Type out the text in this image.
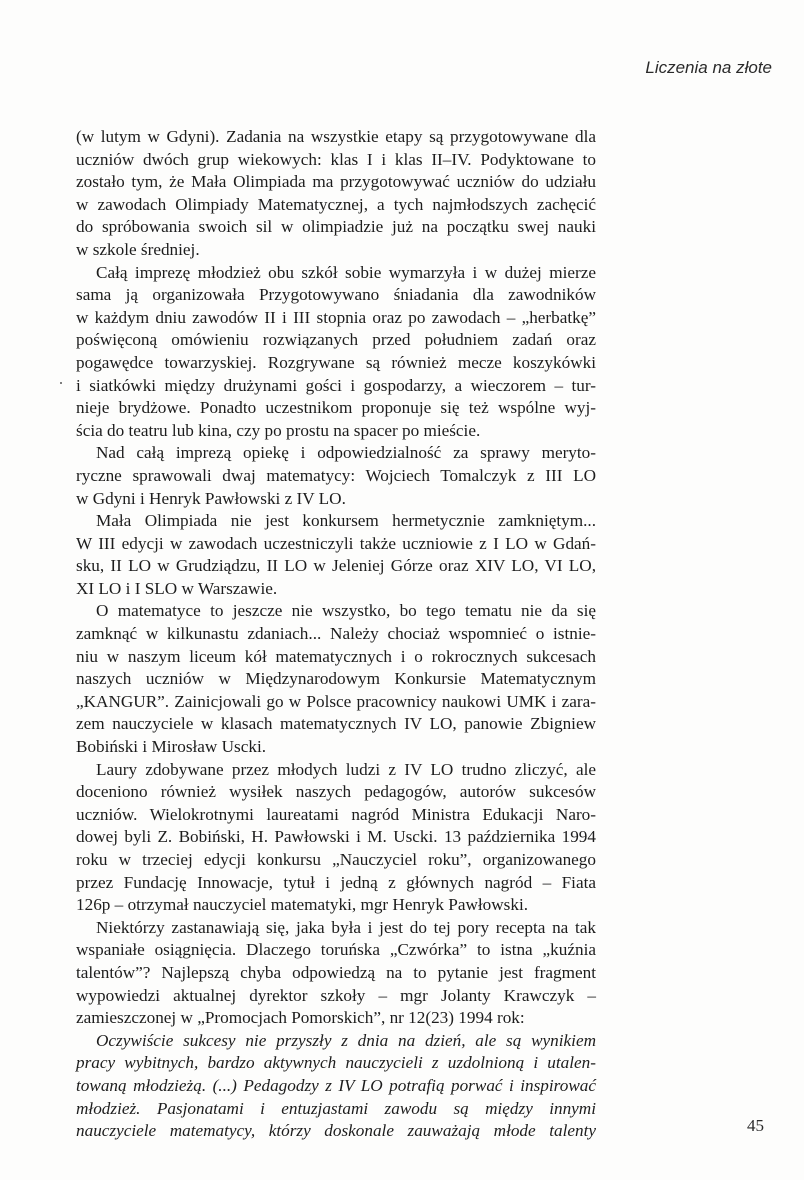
Liczenia na złote
(w lutym w Gdyni). Zadania na wszystkie etapy są przygotowywane dla
uczniów dwóch grup wiekowych: klas I i klas II–IV. Podyktowane to
zostało tym, że Mała Olimpiada ma przygotowywać uczniów do udziału
w zawodach Olimpiady Matematycznej, a tych najmłodszych zachęcić
do spróbowania swoich sil w olimpiadzie już na początku swej nauki
w szkole średniej.
Całą imprezę młodzież obu szkół sobie wymarzyła i w dużej mierze
sama ją organizowała Przygotowywano śniadania dla zawodników
w każdym dniu zawodów II i III stopnia oraz po zawodach – „herbatkę”
poświęconą omówieniu rozwiązanych przed południem zadań oraz
pogawędce towarzyskiej. Rozgrywane są również mecze koszykówki
i siatkówki między drużynami gości i gospodarzy, a wieczorem – tur-
nieje brydżowe. Ponadto uczestnikom proponuje się też wspólne wyj-
ścia do teatru lub kina, czy po prostu na spacer po mieście.
Nad całą imprezą opiekę i odpowiedzialność za sprawy meryto-
ryczne sprawowali dwaj matematycy: Wojciech Tomalczyk z III LO
w Gdyni i Henryk Pawłowski z IV LO.
Mała Olimpiada nie jest konkursem hermetycznie zamkniętym...
W III edycji w zawodach uczestniczyli także uczniowie z I LO w Gdań-
sku, II LO w Grudziądzu, II LO w Jeleniej Górze oraz XIV LO, VI LO,
XI LO i I SLO w Warszawie.
O matematyce to jeszcze nie wszystko, bo tego tematu nie da się
zamknąć w kilkunastu zdaniach... Należy chociaż wspomnieć o istnie-
niu w naszym liceum kół matematycznych i o rokrocznych sukcesach
naszych uczniów w Międzynarodowym Konkursie Matematycznym
„KANGUR”. Zainicjowali go w Polsce pracownicy naukowi UMK i zara-
zem nauczyciele w klasach matematycznych IV LO, panowie Zbigniew
Bobiński i Mirosław Uscki.
Laury zdobywane przez młodych ludzi z IV LO trudno zliczyć, ale
doceniono również wysiłek naszych pedagogów, autorów sukcesów
uczniów. Wielokrotnymi laureatami nagród Ministra Edukacji Naro-
dowej byli Z. Bobiński, H. Pawłowski i M. Uscki. 13 października 1994
roku w trzeciej edycji konkursu „Nauczyciel roku”, organizowanego
przez Fundację Innowacje, tytuł i jedną z głównych nagród – Fiata
126p – otrzymał nauczyciel matematyki, mgr Henryk Pawłowski.
Niektórzy zastanawiają się, jaka była i jest do tej pory recepta na tak
wspaniałe osiągnięcia. Dlaczego toruńska „Czwórka” to istna „kuźnia
talentów”? Najlepszą chyba odpowiedzą na to pytanie jest fragment
wypowiedzi aktualnej dyrektor szkoły – mgr Jolanty Krawczyk –
zamieszczonej w „Promocjach Pomorskich”, nr 12(23) 1994 rok:
Oczywiście sukcesy nie przyszły z dnia na dzień, ale są wynikiem
pracy wybitnych, bardzo aktywnych nauczycieli z uzdolnioną i utalen-
towaną młodzieżą. (...) Pedagodzy z IV LO potrafią porwać i inspirować
młodzież. Pasjonatami i entuzjastami zawodu są między innymi
nauczyciele matematycy, którzy doskonale zauważają młode talenty	45
